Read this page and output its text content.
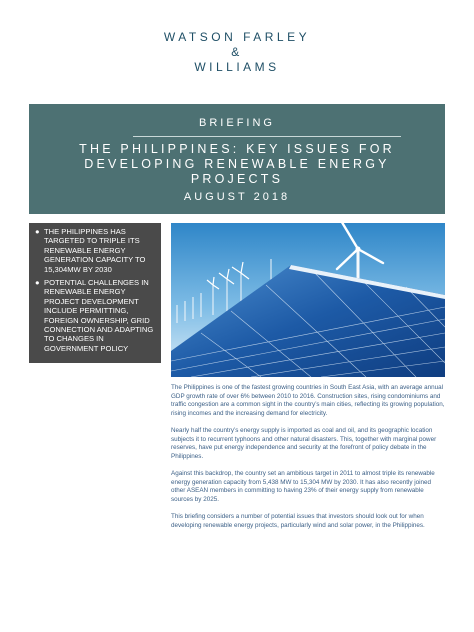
WATSON FARLEY
&
WILLIAMS
BRIEFING
THE PHILIPPINES: KEY ISSUES FOR DEVELOPING RENEWABLE ENERGY PROJECTS
AUGUST 2018
● THE PHILIPPINES HAS TARGETED TO TRIPLE ITS RENEWABLE ENERGY GENERATION CAPACITY TO 15,304MW BY 2030
● POTENTIAL CHALLENGES IN RENEWABLE ENERGY PROJECT DEVELOPMENT INCLUDE PERMITTING, FOREIGN OWNERSHIP, GRID CONNECTION AND ADAPTING TO CHANGES IN GOVERNMENT POLICY

The Philippines is one of the fastest growing countries in South East Asia, with an average annual GDP growth rate of over 6% between 2010 to 2016. Construction sites, rising condominiums and traffic congestion are a common sight in the country’s main cities, reflecting its growing population, rising incomes and the increasing demand for electricity.

Nearly half the country’s energy supply is imported as coal and oil, and its geographic location subjects it to recurrent typhoons and other natural disasters. This, together with marginal power reserves, have put energy independence and security at the forefront of policy debate in the Philippines.

Against this backdrop, the country set an ambitious target in 2011 to almost triple its renewable energy generation capacity from 5,438 MW to 15,304 MW by 2030. It has also recently joined other ASEAN members in committing to having 23% of their energy supply from renewable sources by 2025.

This briefing considers a number of potential issues that investors should look out for when developing renewable energy projects, particularly wind and solar power, in the Philippines.
